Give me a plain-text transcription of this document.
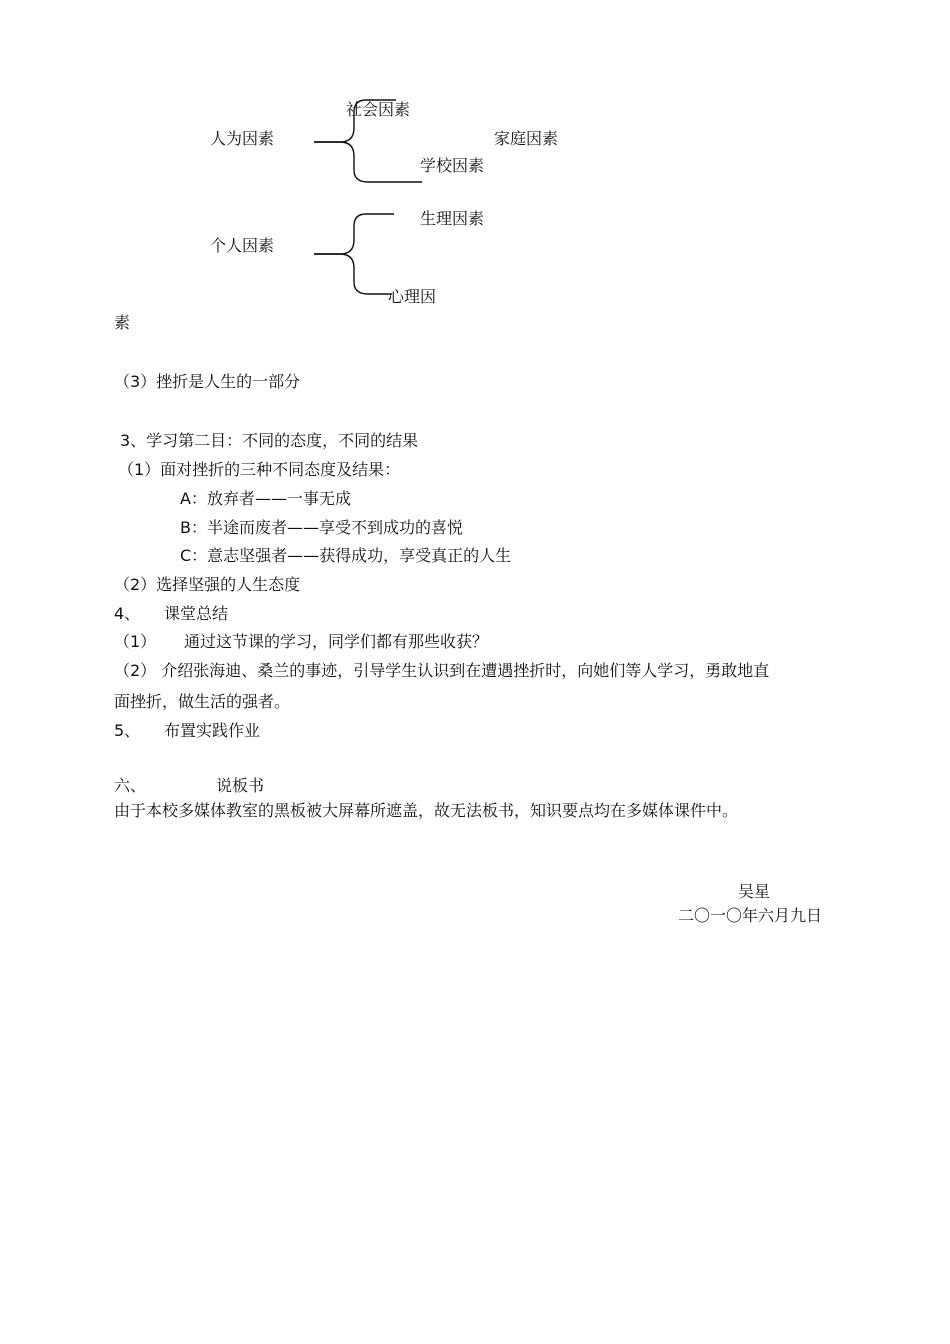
社会因素
人为因素	家庭因素
学校因素
生理因素
个人因素
心理因
素
（3）挫折是人生的一部分
3、学习第二目：不同的态度，不同的结果
（1）面对挫折的三种不同态度及结果：
A：放弃者——一事无成
B：半途而废者——享受不到成功的喜悦
C：意志坚强者——获得成功，享受真正的人生
（2）选择坚强的人生态度
4、 课堂总结
（1） 通过这节课的学习，同学们都有那些收获？
（2） 介绍张海迪、桑兰的事迹，引导学生认识到在遭遇挫折时，向她们等人学习，勇敢地直
面挫折，做生活的强者。
5、 布置实践作业
六、	说板书
由于本校多媒体教室的黑板被大屏幕所遮盖，故无法板书，知识要点均在多媒体课件中。
吴星
二〇一〇年六月九日
